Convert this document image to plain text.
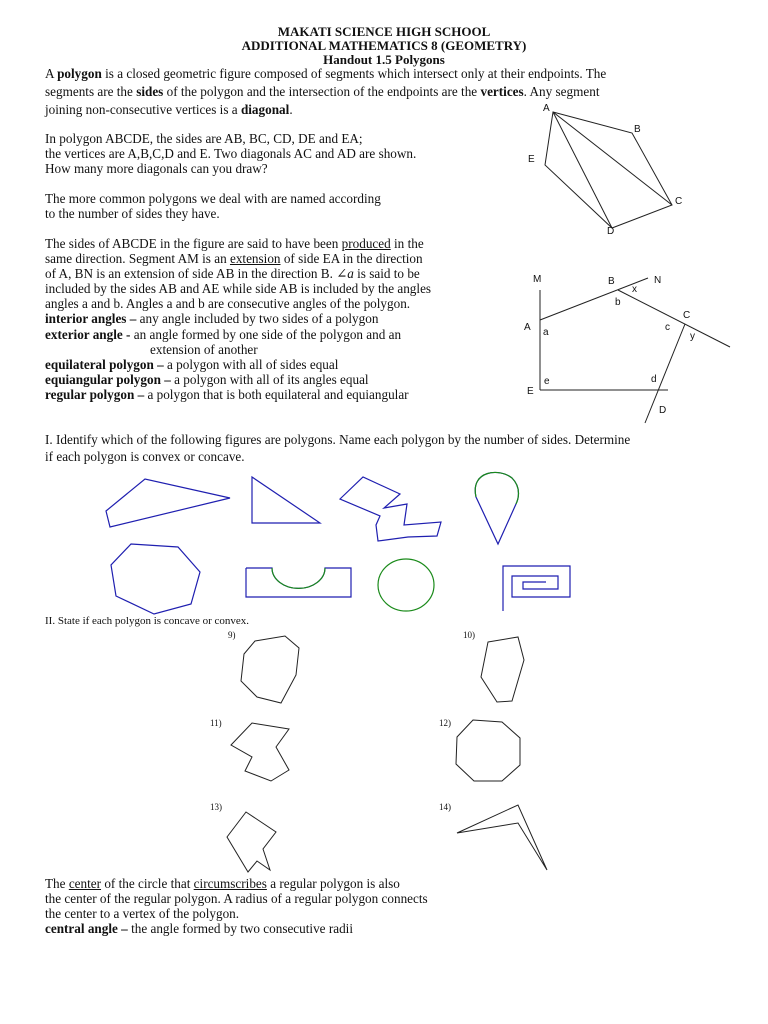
MAKATI SCIENCE HIGH SCHOOL
ADDITIONAL MATHEMATICS 8 (GEOMETRY)
Handout 1.5 Polygons
A polygon is a closed geometric figure composed of segments which intersect only at their endpoints. The
segments are the sides of the polygon and the intersection of the endpoints are the vertices. Any segment
joining non-consecutive vertices is a diagonal.
In polygon ABCDE, the sides are AB, BC, CD, DE and EA;
the vertices are A,B,C,D and E. Two diagonals AC and AD are shown.
How many more diagonals can you draw?
The more common polygons we deal with are named according
to the number of sides they have.
A
B
C
D
E
The sides of ABCDE in the figure are said to have been produced in the
same direction. Segment AM is an extension of side EA in the direction
of A, BN is an extension of side AB in the direction B. ∠a is said to be
included by the sides AB and AE while side AB is included by the angles
angles a and b. Angles a and b are consecutive angles of the polygon.
interior angles – any angle included by two sides of a polygon
exterior angle - an angle formed by one side of the polygon and an
extension of another
equilateral polygon – a polygon with all of sides equal
equiangular polygon – a polygon with all of its angles equal
regular polygon – a polygon that is both equilateral and equiangular
M	N
B
x
b
C
c
y
A a
e	d
E
D
I. Identify which of the following figures are polygons. Name each polygon by the number of sides. Determine
if each polygon is convex or concave.
II. State if each polygon is concave or convex.
9)	10)
11)	12)
13)	14)
The center of the circle that circumscribes a regular polygon is also
the center of the regular polygon. A radius of a regular polygon connects
the center to a vertex of the polygon.
central angle – the angle formed by two consecutive radii
